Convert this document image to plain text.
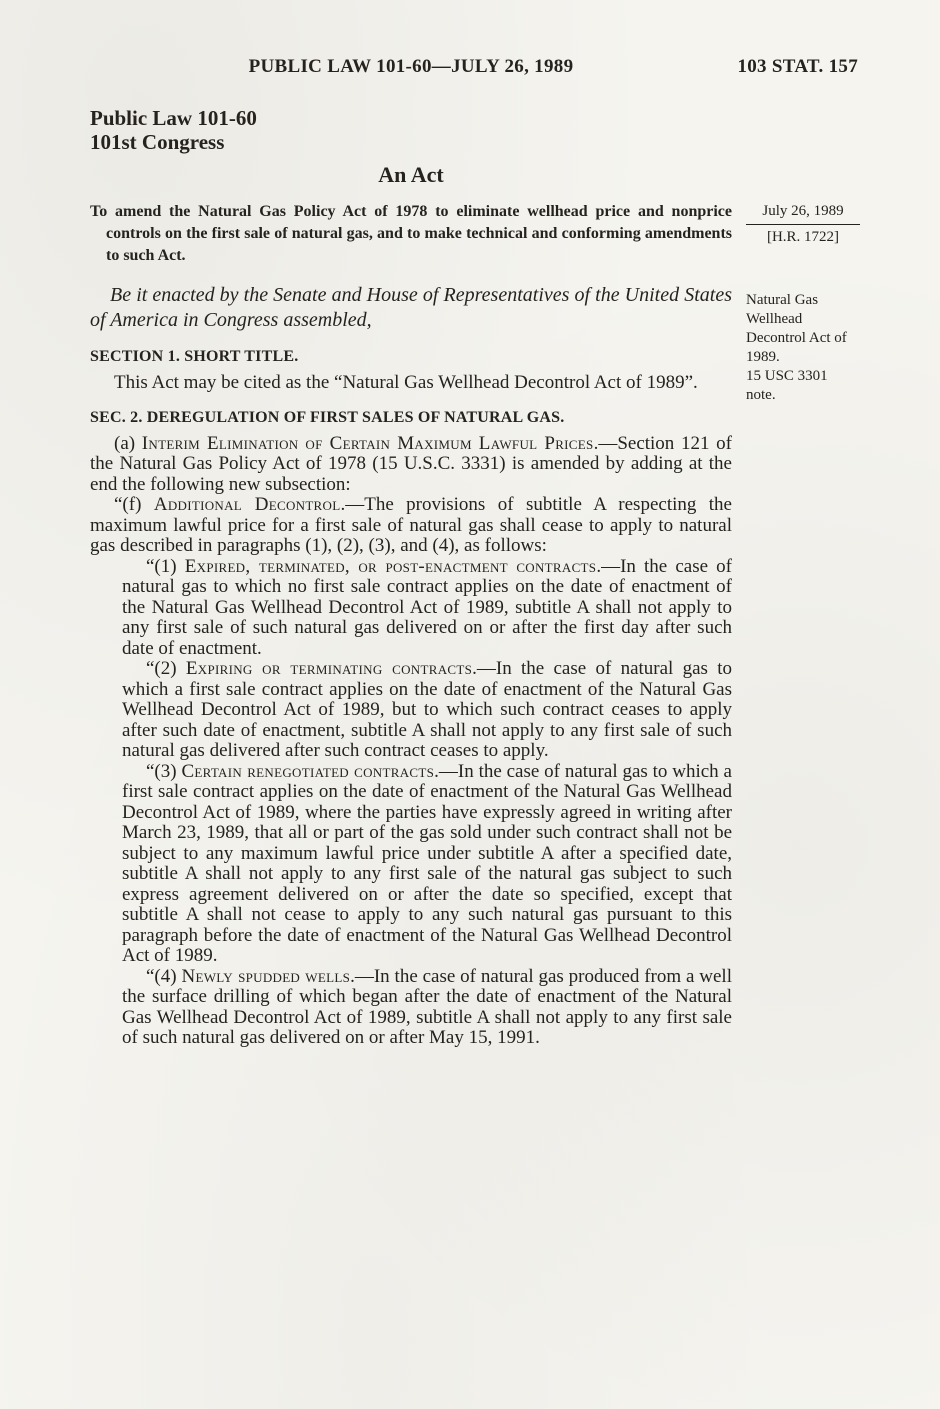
PUBLIC LAW 101-60—JULY 26, 1989	103 STAT. 157
Public Law 101-60
101st Congress
An Act

To amend the Natural Gas Policy Act of 1978 to eliminate wellhead price and nonprice controls on the first sale of natural gas, and to make technical and conforming amendments to such Act.

Be it enacted by the Senate and House of Representatives of the United States of America in Congress assembled,

SECTION 1. SHORT TITLE.

This Act may be cited as the “Natural Gas Wellhead Decontrol Act of 1989”.

SEC. 2. DEREGULATION OF FIRST SALES OF NATURAL GAS.

(a) Interim Elimination of Certain Maximum Lawful Prices.—Section 121 of the Natural Gas Policy Act of 1978 (15 U.S.C. 3331) is amended by adding at the end the following new subsection:

“(f) Additional Decontrol.—The provisions of subtitle A respecting the maximum lawful price for a first sale of natural gas shall cease to apply to natural gas described in paragraphs (1), (2), (3), and (4), as follows:

“(1) Expired, terminated, or post-enactment contracts.—In the case of natural gas to which no first sale contract applies on the date of enactment of the Natural Gas Wellhead Decontrol Act of 1989, subtitle A shall not apply to any first sale of such natural gas delivered on or after the first day after such date of enactment.

“(2) Expiring or terminating contracts.—In the case of natural gas to which a first sale contract applies on the date of enactment of the Natural Gas Wellhead Decontrol Act of 1989, but to which such contract ceases to apply after such date of enactment, subtitle A shall not apply to any first sale of such natural gas delivered after such contract ceases to apply.

“(3) Certain renegotiated contracts.—In the case of natural gas to which a first sale contract applies on the date of enactment of the Natural Gas Wellhead Decontrol Act of 1989, where the parties have expressly agreed in writing after March 23, 1989, that all or part of the gas sold under such contract shall not be subject to any maximum lawful price under subtitle A after a specified date, subtitle A shall not apply to any first sale of the natural gas subject to such express agreement delivered on or after the date so specified, except that subtitle A shall not cease to apply to any such natural gas pursuant to this paragraph before the date of enactment of the Natural Gas Wellhead Decontrol Act of 1989.

“(4) Newly spudded wells.—In the case of natural gas produced from a well the surface drilling of which began after the date of enactment of the Natural Gas Wellhead Decontrol Act of 1989, subtitle A shall not apply to any first sale of such natural gas delivered on or after May 15, 1991.

July 26, 1989
[H.R. 1722]
Natural Gas Wellhead Decontrol Act of 1989.
15 USC 3301 note.
